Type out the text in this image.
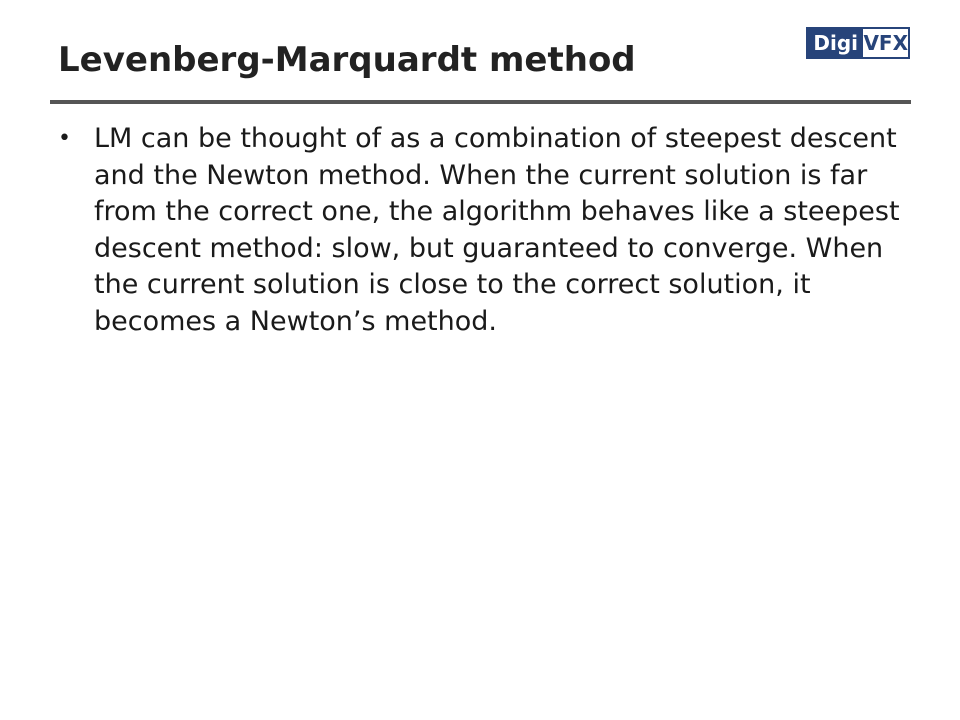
Levenberg-Marquardt method	Digi VFX
• LM can be thought of as a combination of steepest descent and the Newton method. When the current solution is far from the correct one, the algorithm behaves like a steepest descent method: slow, but guaranteed to converge. When the current solution is close to the correct solution, it becomes a Newton’s method.
